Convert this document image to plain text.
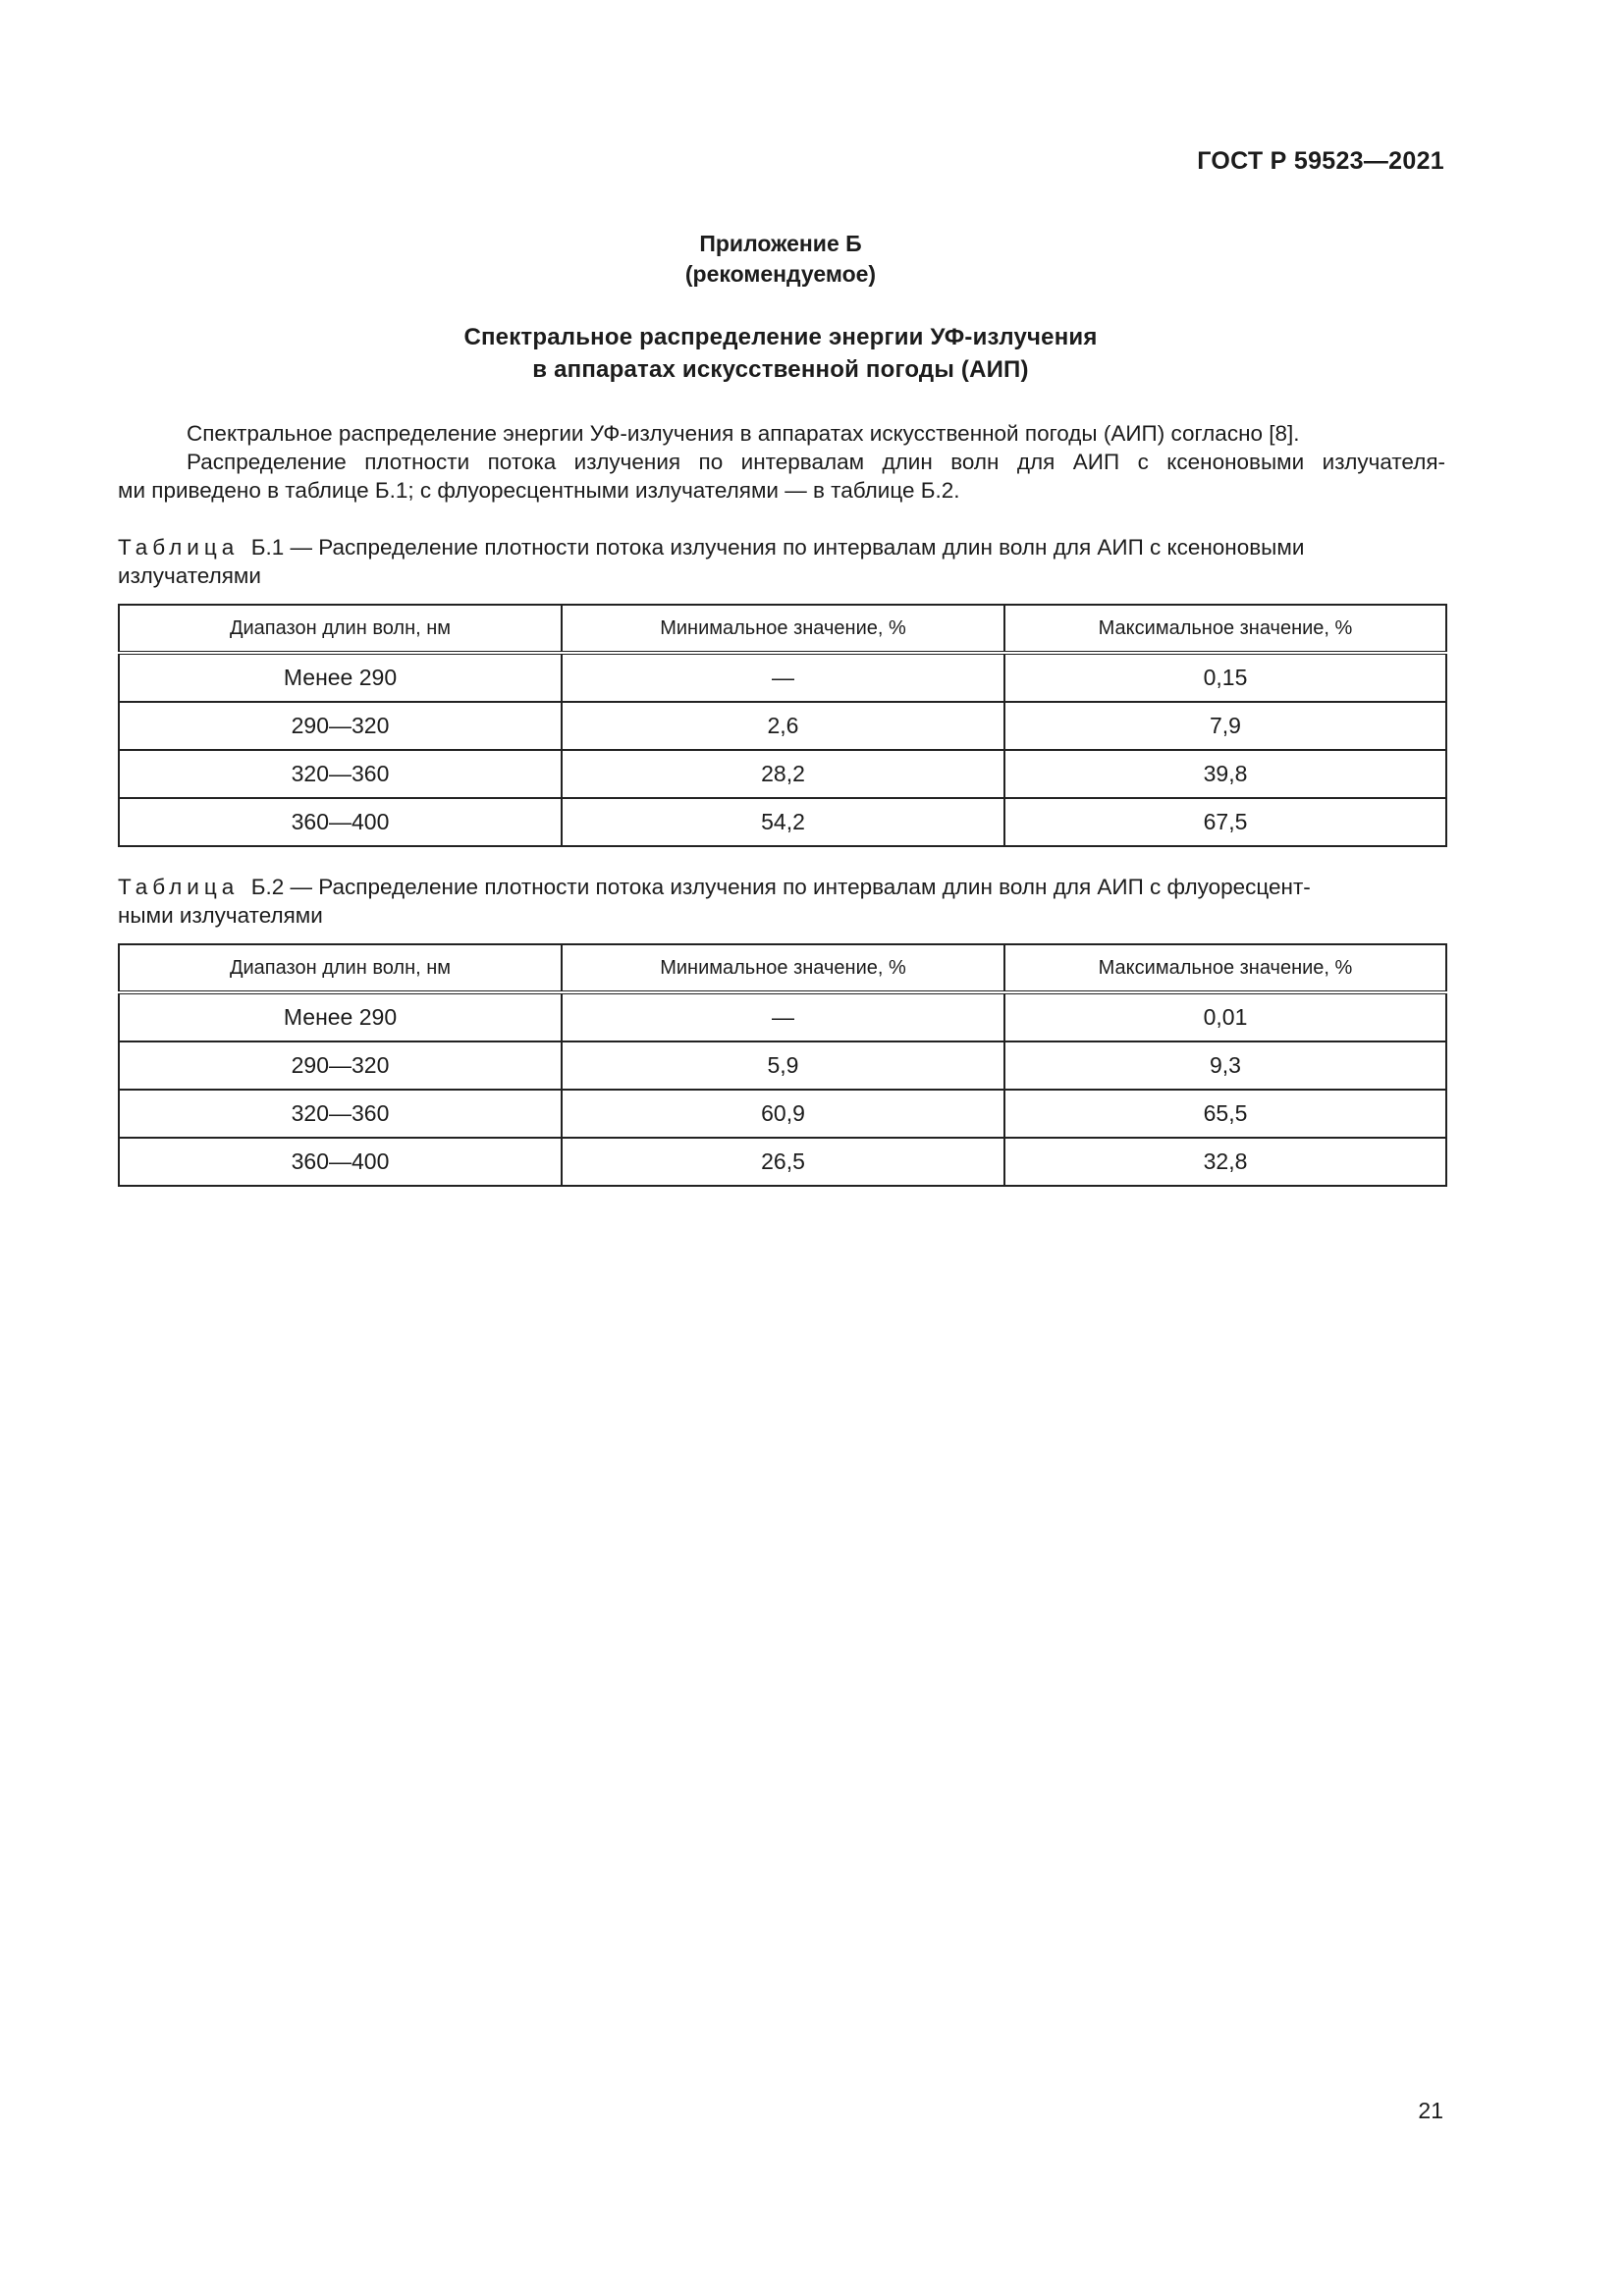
ГОСТ Р 59523—2021
Приложение Б
(рекомендуемое)
Спектральное распределение энергии УФ-излучения
в аппаратах искусственной погоды (АИП)
Спектральное распределение энергии УФ-излучения в аппаратах искусственной погоды (АИП) согласно [8].
Распределение плотности потока излучения по интервалам длин волн для АИП с ксеноновыми излучателя-
ми приведено в таблице Б.1; с флуоресцентными излучателями — в таблице Б.2.
Таблица Б.1 — Распределение плотности потока излучения по интервалам длин волн для АИП с ксеноновыми
излучателями
Диапазон длин волн, нм	Минимальное значение, %	Максимальное значение, %
Менее 290	—	0,15
290—320	2,6	7,9
320—360	28,2	39,8
360—400	54,2	67,5
Таблица Б.2 — Распределение плотности потока излучения по интервалам длин волн для АИП с флуоресцент-
ными излучателями
Диапазон длин волн, нм	Минимальное значение, %	Максимальное значение, %
Менее 290	—	0,01
290—320	5,9	9,3
320—360	60,9	65,5
360—400	26,5	32,8
21
